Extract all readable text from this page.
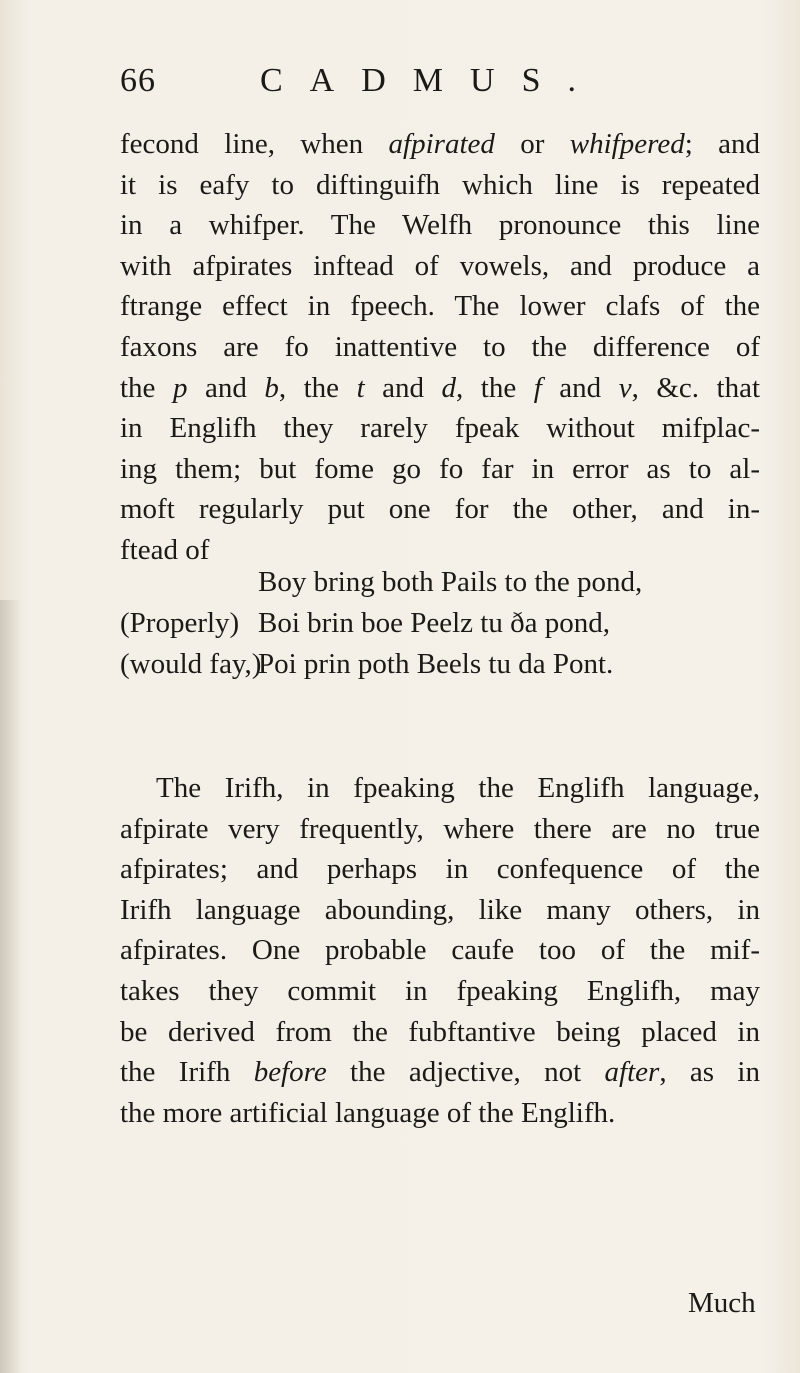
66	CADMUS.
fecond line, when afpirated or whifpered; and
it is eafy to diftinguifh which line is repeated
in a whifper. The Welfh pronounce this line
with afpirates inftead of vowels, and produce a
ftrange effect in fpeech. The lower clafs of the
faxons are fo inattentive to the difference of
the p and b, the t and d, the f and v, &c. that
in Englifh they rarely fpeak without mifplac-
ing them; but fome go fo far in error as to al-
moft regularly put one for the other, and in-
ftead of
Boy bring both Pails to the pond,
(Properly) Boi brin boe Peelz tu ða pond,
(would fay,)Poi prin poth Beels tu da Pont.
The Irifh, in fpeaking the Englifh language,
afpirate very frequently, where there are no true
afpirates; and perhaps in confequence of the
Irifh language abounding, like many others, in
afpirates. One probable caufe too of the mif-
takes they commit in fpeaking Englifh, may
be derived from the fubftantive being placed in
the Irifh before the adjective, not after, as in
the more artificial language of the Englifh.
Much
